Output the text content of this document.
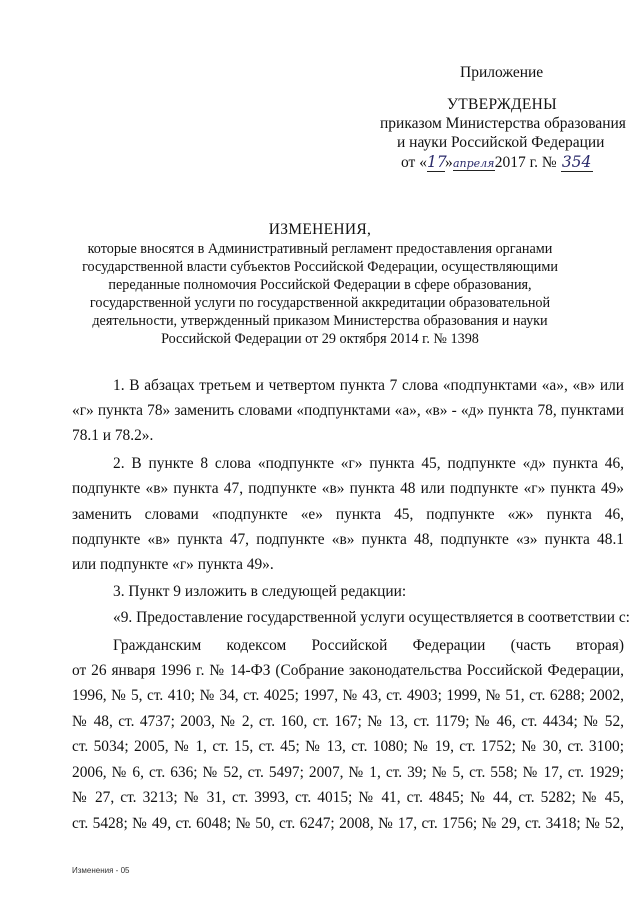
Приложение
УТВЕРЖДЕНЫ
приказом Министерства образования
и науки Российской Федерации
от «17»апреля2017 г. № 354
ИЗМЕНЕНИЯ,
которые вносятся в Административный регламент предоставления органами
государственной власти субъектов Российской Федерации, осуществляющими
переданные полномочия Российской Федерации в сфере образования,
государственной услуги по государственной аккредитации образовательной
деятельности, утвержденный приказом Министерства образования и науки
Российской Федерации от 29 октября 2014 г. № 1398
1. В абзацах третьем и четвертом пункта 7 слова «подпунктами «а», «в» или
«г» пункта 78» заменить словами «подпунктами «а», «в» - «д» пункта 78, пунктами
78.1 и 78.2».
2. В пункте 8 слова «подпункте «г» пункта 45, подпункте «д» пункта 46,
подпункте «в» пункта 47, подпункте «в» пункта 48 или подпункте «г» пункта 49»
заменить словами «подпункте «е» пункта 45, подпункте «ж» пункта 46,
подпункте «в» пункта 47, подпункте «в» пункта 48, подпункте «з» пункта 48.1
или подпункте «г» пункта 49».
3. Пункт 9 изложить в следующей редакции:
«9. Предоставление государственной услуги осуществляется в соответствии с:
Гражданским кодексом Российской Федерации (часть вторая)
от 26 января 1996 г. № 14-ФЗ (Собрание законодательства Российской Федерации,
1996, № 5, ст. 410; № 34, ст. 4025; 1997, № 43, ст. 4903; 1999, № 51, ст. 6288; 2002,
№ 48, ст. 4737; 2003, № 2, ст. 160, ст. 167; № 13, ст. 1179; № 46, ст. 4434; № 52,
ст. 5034; 2005, № 1, ст. 15, ст. 45; № 13, ст. 1080; № 19, ст. 1752; № 30, ст. 3100;
2006, № 6, ст. 636; № 52, ст. 5497; 2007, № 1, ст. 39; № 5, ст. 558; № 17, ст. 1929;
№ 27, ст. 3213; № 31, ст. 3993, ст. 4015; № 41, ст. 4845; № 44, ст. 5282; № 45,
ст. 5428; № 49, ст. 6048; № 50, ст. 6247; 2008, № 17, ст. 1756; № 29, ст. 3418; № 52,
Изменения - 05
